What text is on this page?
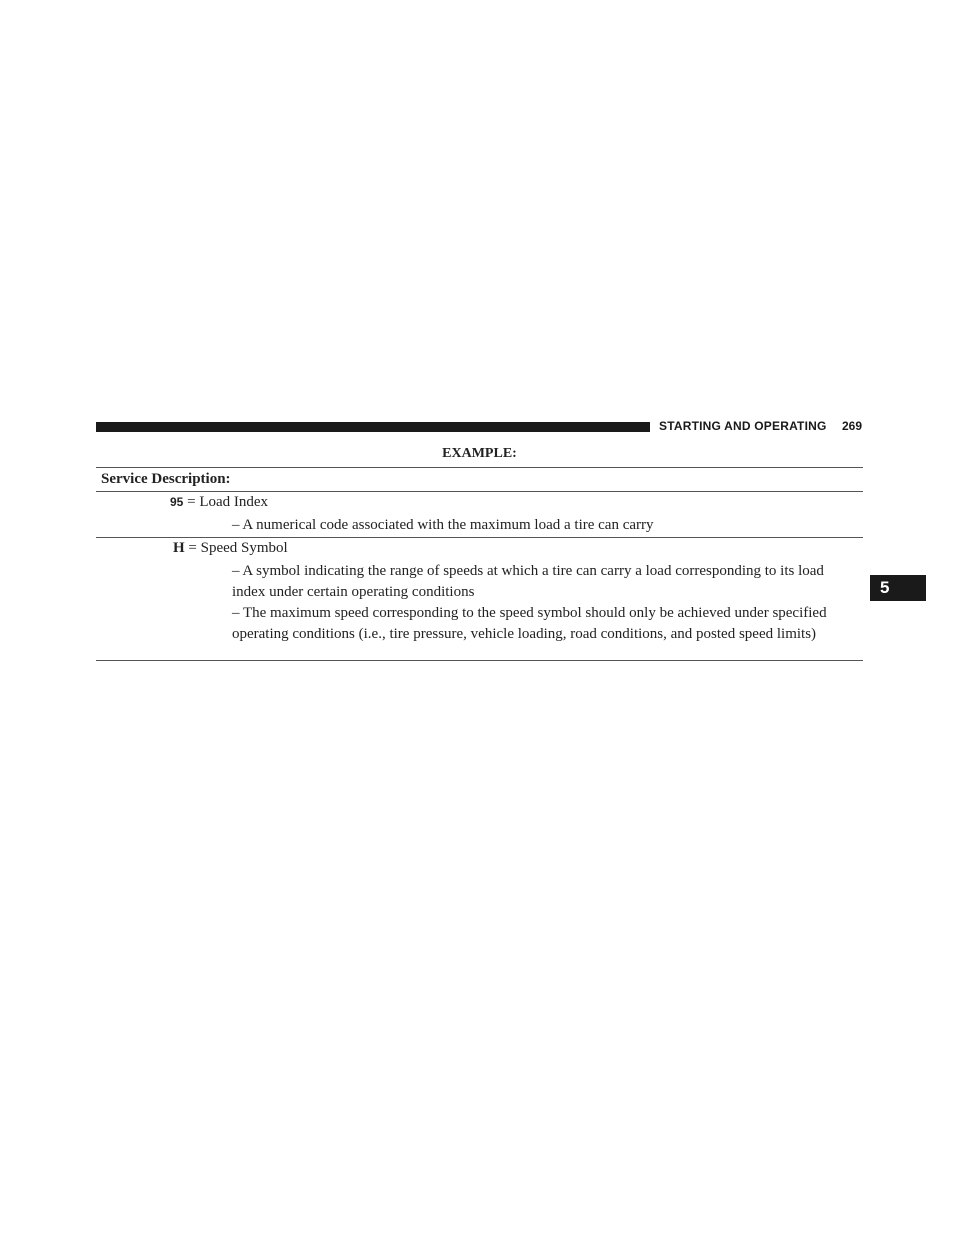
STARTING AND OPERATING 269
5
EXAMPLE:
Service Description:
95 = Load Index
– A numerical code associated with the maximum load a tire can carry
H = Speed Symbol
– A symbol indicating the range of speeds at which a tire can carry a load corresponding to its load index under certain operating conditions
– The maximum speed corresponding to the speed symbol should only be achieved under specified operating conditions (i.e., tire pressure, vehicle loading, road conditions, and posted speed limits)
